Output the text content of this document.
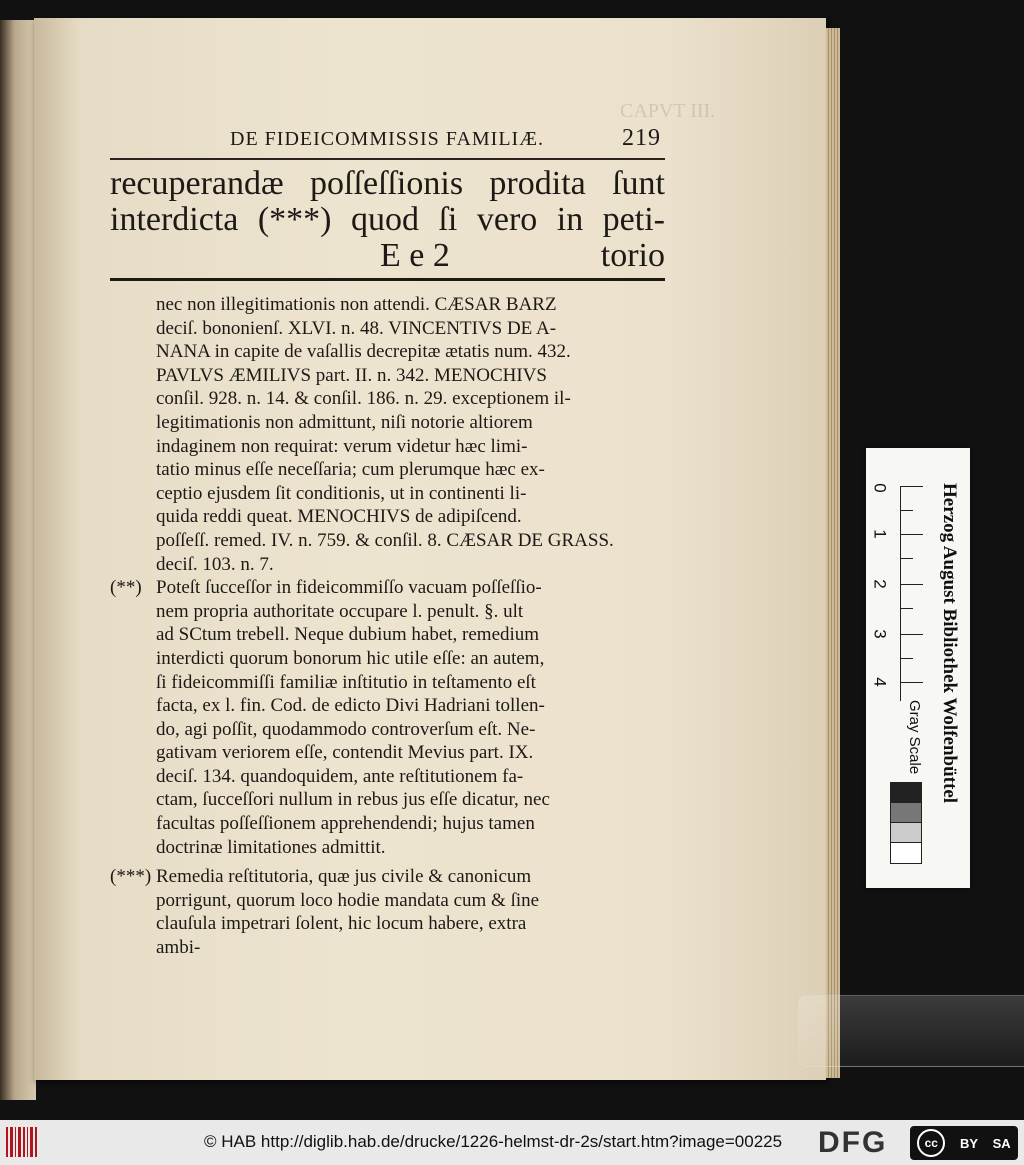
DE FIDEICOMMISSIS FAMILIÆ.	219
recuperandæ poſſeſſionis prodita ſunt
interdicta (***) quod ſi vero in peti-
E e 2	torio

nec non illegitimationis non attendi. CÆSAR BARZ

deciſ. bononienſ. XLVI. n. 48. VINCENTIVS DE A-

NANA in capite de vaſallis decrepitæ ætatis num. 432.

PAVLVS ÆMILIVS part. II. n. 342. MENOCHIVS

conſil. 928. n. 14. & conſil. 186. n. 29. exceptionem il-

legitimationis non admittunt, niſi notorie altiorem

indaginem non requirat: verum videtur hæc limi-

tatio minus eſſe neceſſaria; cum plerumque hæc ex-

ceptio ejusdem ſit conditionis, ut in continenti li-

quida reddi queat. MENOCHIVS de adipiſcend.

poſſeſſ. remed. IV. n. 759. & conſil. 8. CÆSAR DE GRASS.

deciſ. 103. n. 7.

(**) Poteſt ſucceſſor in fideicommiſſo vacuam poſſeſſio-

nem propria authoritate occupare l. penult. §. ult

ad SCtum trebell. Neque dubium habet, remedium

interdicti quorum bonorum hic utile eſſe: an autem,

ſi fideicommiſſi familiæ inſtitutio in teſtamento eſt

facta, ex l. fin. Cod. de edicto Divi Hadriani tollen-

do, agi poſſit, quodammodo controverſum eſt. Ne-

gativam veriorem eſſe, contendit Mevius part. IX.

deciſ. 134. quandoquidem, ante reſtitutionem fa-

ctam, ſucceſſori nullum in rebus jus eſſe dicatur, nec

facultas poſſeſſionem apprehendendi; hujus tamen

doctrinæ limitationes admittit.

(***) Remedia reſtitutoria, quæ jus civile & canonicum

porrigunt, quorum loco hodie mandata cum & ſine

clauſula impetrari ſolent, hic locum habere, extra

ambi-

Herzog August Bibliothek Wolfenbüttel
0
1
2
3
4
Gray Scale
© HAB http://diglib.hab.de/drucke/1226-helmst-dr-2s/start.htm?image=00225 DFG	cc	BY SA
